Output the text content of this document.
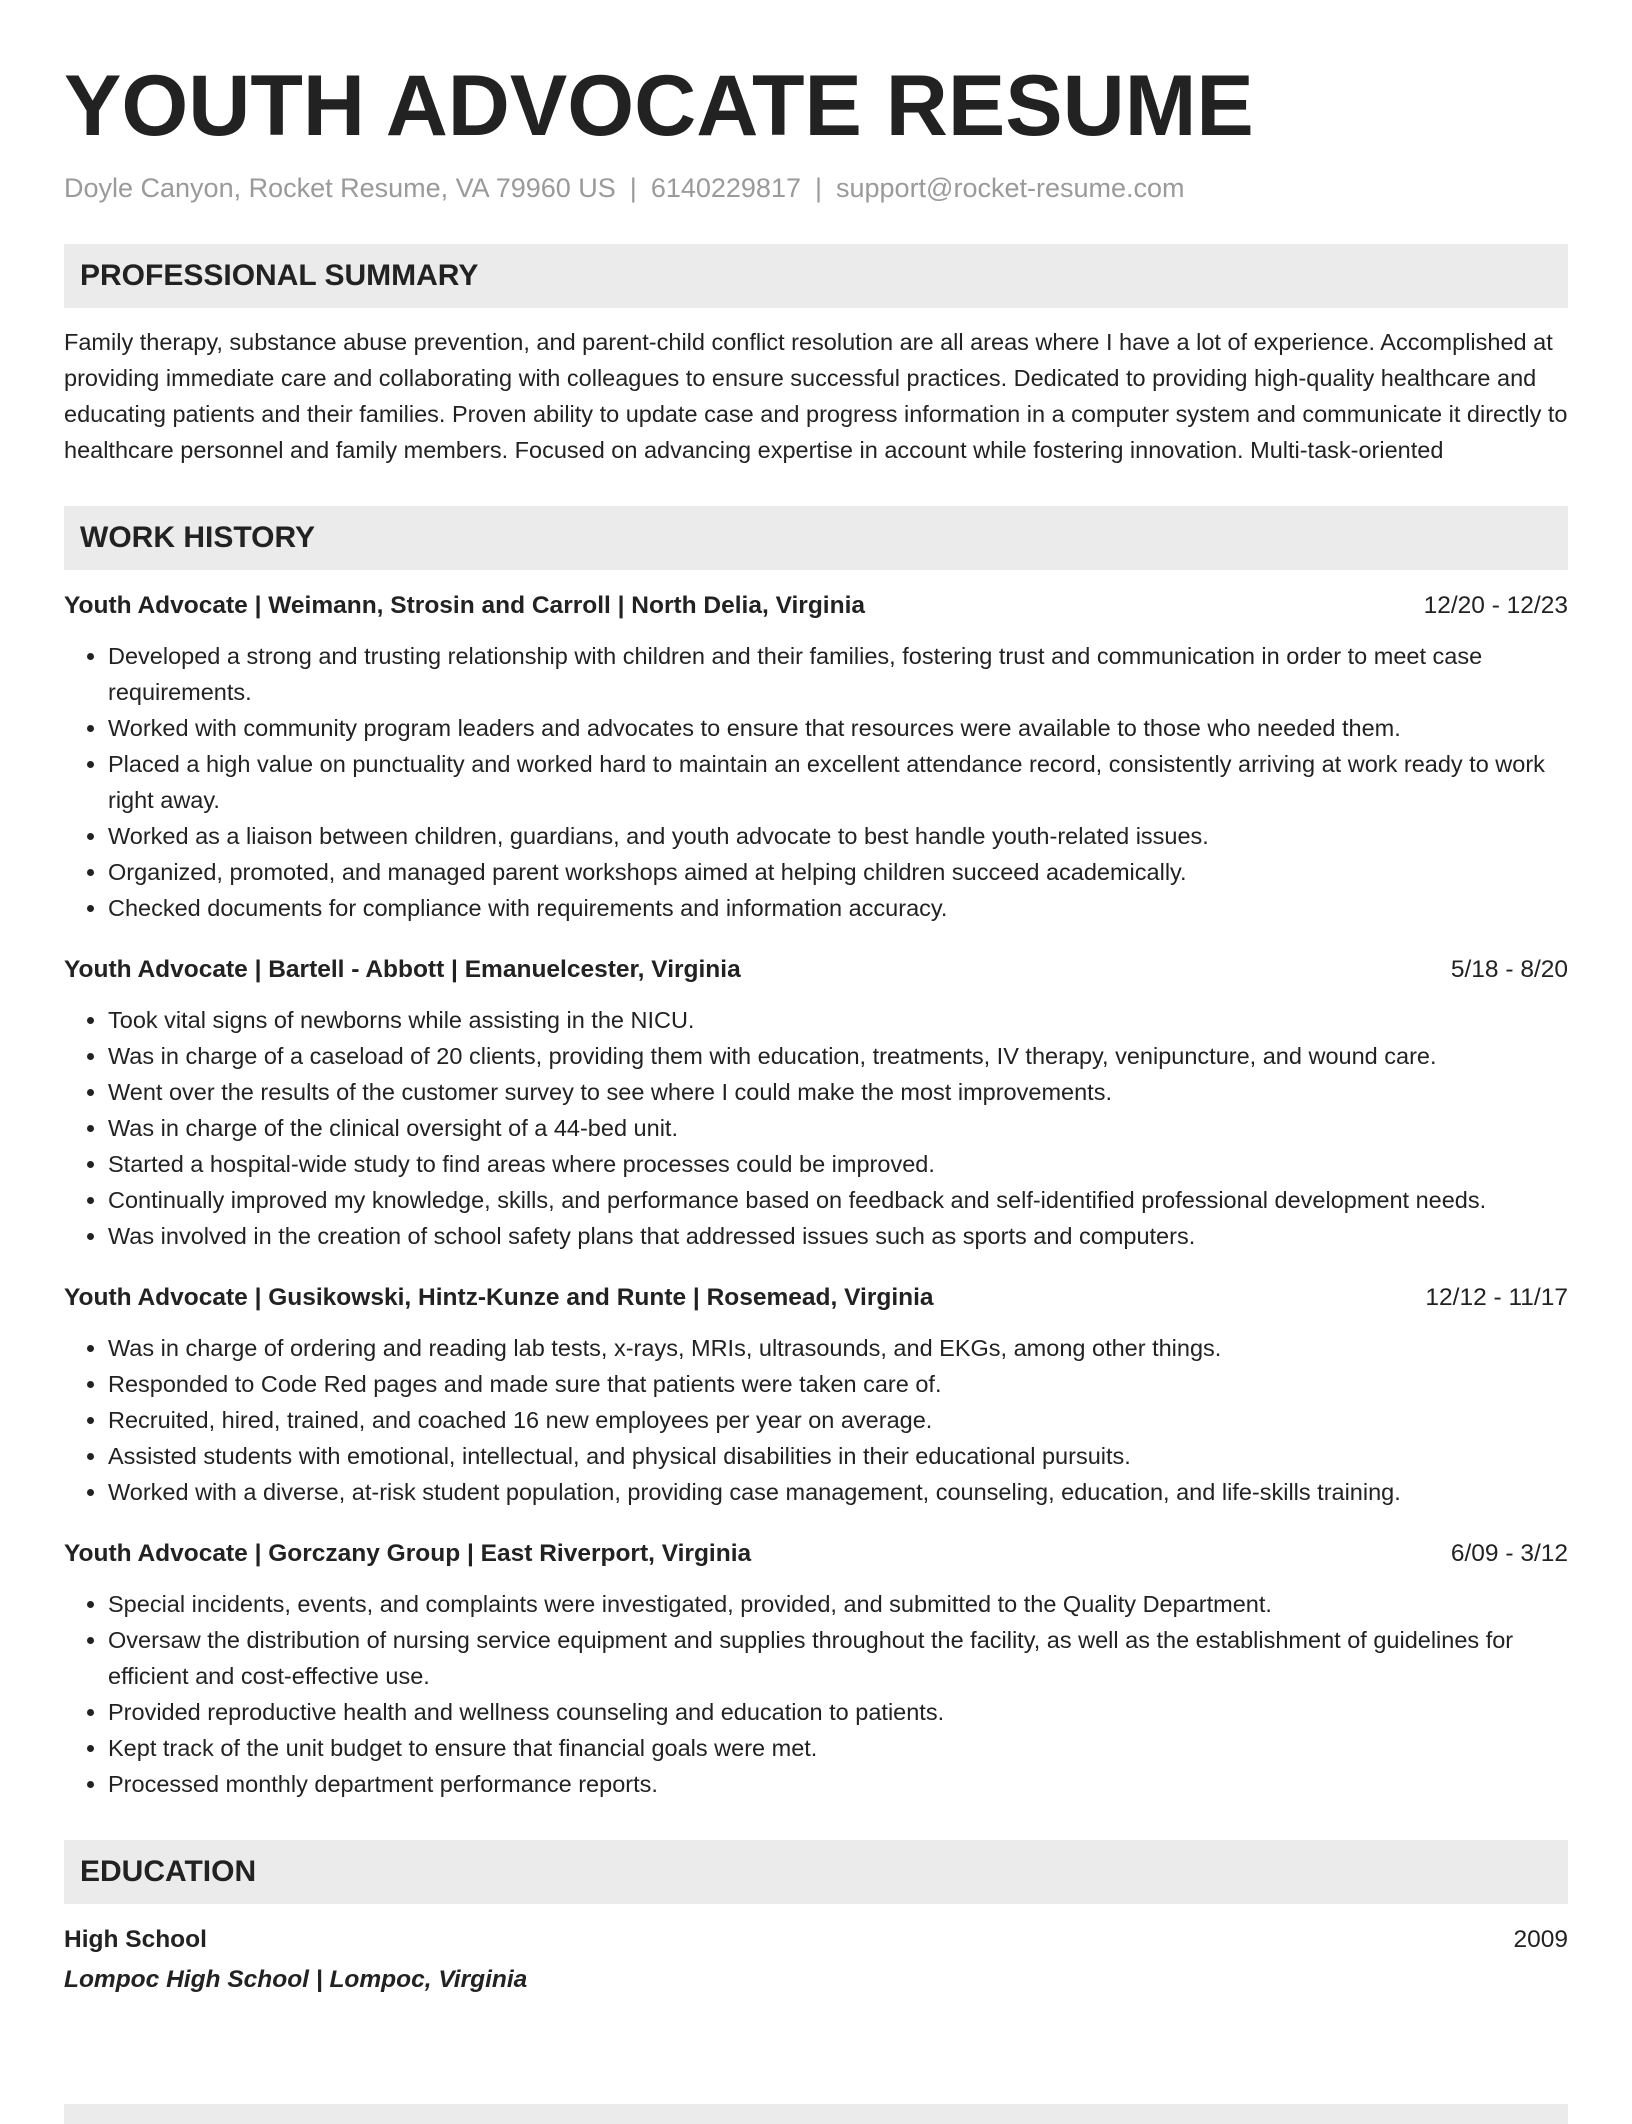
YOUTH ADVOCATE RESUME
Doyle Canyon, Rocket Resume, VA 79960 US | 6140229817 | support@rocket-resume.com
PROFESSIONAL SUMMARY
Family therapy, substance abuse prevention, and parent-child conflict resolution are all areas where I have a lot of experience. Accomplished at providing immediate care and collaborating with colleagues to ensure successful practices. Dedicated to providing high-quality healthcare and educating patients and their families. Proven ability to update case and progress information in a computer system and communicate it directly to healthcare personnel and family members. Focused on advancing expertise in account while fostering innovation. Multi-task-oriented
WORK HISTORY
Youth Advocate | Weimann, Strosin and Carroll | North Delia, Virginia	12/20 - 12/23
• Developed a strong and trusting relationship with children and their families, fostering trust and communication in order to meet case requirements.
• Worked with community program leaders and advocates to ensure that resources were available to those who needed them.
• Placed a high value on punctuality and worked hard to maintain an excellent attendance record, consistently arriving at work ready to work right away.
• Worked as a liaison between children, guardians, and youth advocate to best handle youth-related issues.
• Organized, promoted, and managed parent workshops aimed at helping children succeed academically.
• Checked documents for compliance with requirements and information accuracy.
Youth Advocate | Bartell - Abbott | Emanuelcester, Virginia	5/18 - 8/20
• Took vital signs of newborns while assisting in the NICU.
• Was in charge of a caseload of 20 clients, providing them with education, treatments, IV therapy, venipuncture, and wound care.
• Went over the results of the customer survey to see where I could make the most improvements.
• Was in charge of the clinical oversight of a 44-bed unit.
• Started a hospital-wide study to find areas where processes could be improved.
• Continually improved my knowledge, skills, and performance based on feedback and self-identified professional development needs.
• Was involved in the creation of school safety plans that addressed issues such as sports and computers.
Youth Advocate | Gusikowski, Hintz-Kunze and Runte | Rosemead, Virginia	12/12 - 11/17
• Was in charge of ordering and reading lab tests, x-rays, MRIs, ultrasounds, and EKGs, among other things.
• Responded to Code Red pages and made sure that patients were taken care of.
• Recruited, hired, trained, and coached 16 new employees per year on average.
• Assisted students with emotional, intellectual, and physical disabilities in their educational pursuits.
• Worked with a diverse, at-risk student population, providing case management, counseling, education, and life-skills training.
Youth Advocate | Gorczany Group | East Riverport, Virginia	6/09 - 3/12
• Special incidents, events, and complaints were investigated, provided, and submitted to the Quality Department.
• Oversaw the distribution of nursing service equipment and supplies throughout the facility, as well as the establishment of guidelines for efficient and cost-effective use.
• Provided reproductive health and wellness counseling and education to patients.
• Kept track of the unit budget to ensure that financial goals were met.
• Processed monthly department performance reports.
EDUCATION
High School	2009
Lompoc High School | Lompoc, Virginia
